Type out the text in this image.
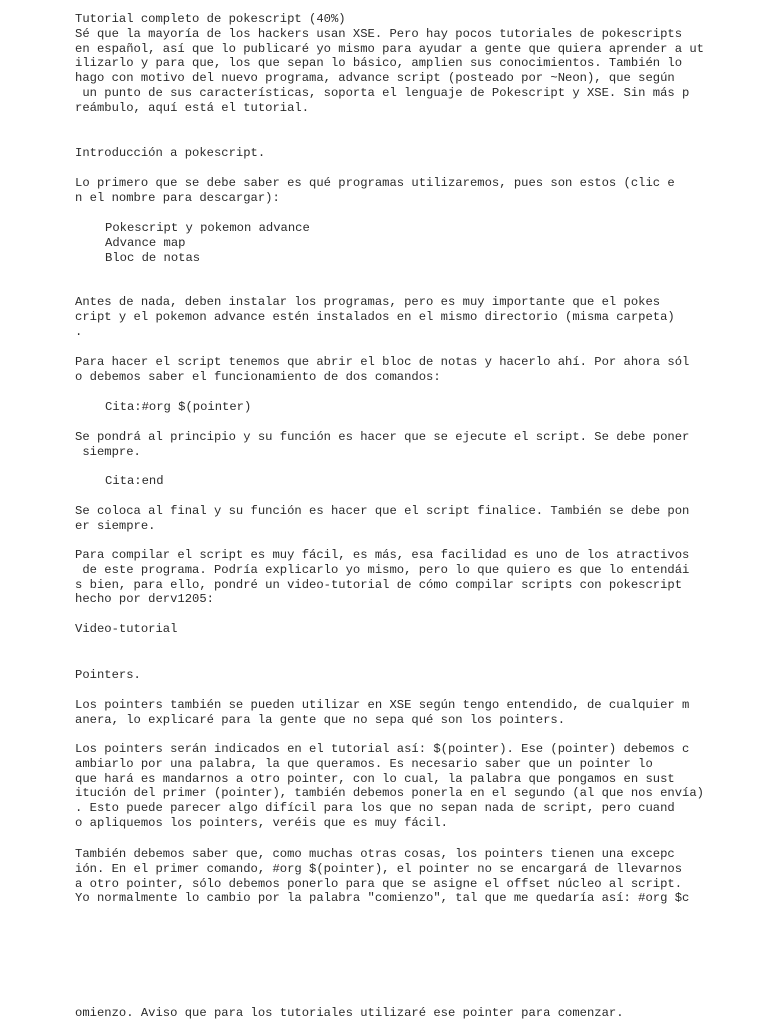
Tutorial completo de pokescript (40%)
Sé que la mayoría de los hackers usan XSE. Pero hay pocos tutoriales de pokescripts
en español, así que lo publicaré yo mismo para ayudar a gente que quiera aprender a ut
ilizarlo y para que, los que sepan lo básico, amplien sus conocimientos. También lo
hago con motivo del nuevo programa, advance script (posteado por ~Neon), que según
un punto de sus características, soporta el lenguaje de Pokescript y XSE. Sin más p
reámbulo, aquí está el tutorial.
Introducción a pokescript.
Lo primero que se debe saber es qué programas utilizaremos, pues son estos (clic e
n el nombre para descargar):
Pokescript y pokemon advance
Advance map
Bloc de notas
Antes de nada, deben instalar los programas, pero es muy importante que el pokes
cript y el pokemon advance estén instalados en el mismo directorio (misma carpeta)
.
Para hacer el script tenemos que abrir el bloc de notas y hacerlo ahí. Por ahora sól
o debemos saber el funcionamiento de dos comandos:
Cita:#org $(pointer)
Se pondrá al principio y su función es hacer que se ejecute el script. Se debe poner
siempre.
Cita:end
Se coloca al final y su función es hacer que el script finalice. También se debe pon
er siempre.
Para compilar el script es muy fácil, es más, esa facilidad es uno de los atractivos
de este programa. Podría explicarlo yo mismo, pero lo que quiero es que lo entendái
s bien, para ello, pondré un video-tutorial de cómo compilar scripts con pokescript
hecho por derv1205:
Video-tutorial
Pointers.
Los pointers también se pueden utilizar en XSE según tengo entendido, de cualquier m
anera, lo explicaré para la gente que no sepa qué son los pointers.
Los pointers serán indicados en el tutorial así: $(pointer). Ese (pointer) debemos c
ambiarlo por una palabra, la que queramos. Es necesario saber que un pointer lo
que hará es mandarnos a otro pointer, con lo cual, la palabra que pongamos en sust
itución del primer (pointer), también debemos ponerla en el segundo (al que nos envía)
. Esto puede parecer algo difícil para los que no sepan nada de script, pero cuand
o apliquemos los pointers, veréis que es muy fácil.
También debemos saber que, como muchas otras cosas, los pointers tienen una excepc
ión. En el primer comando, #org $(pointer), el pointer no se encargará de llevarnos
a otro pointer, sólo debemos ponerlo para que se asigne el offset núcleo al script.
Yo normalmente lo cambio por la palabra "comienzo", tal que me quedaría así: #org $c
omienzo. Aviso que para los tutoriales utilizaré ese pointer para comenzar.
